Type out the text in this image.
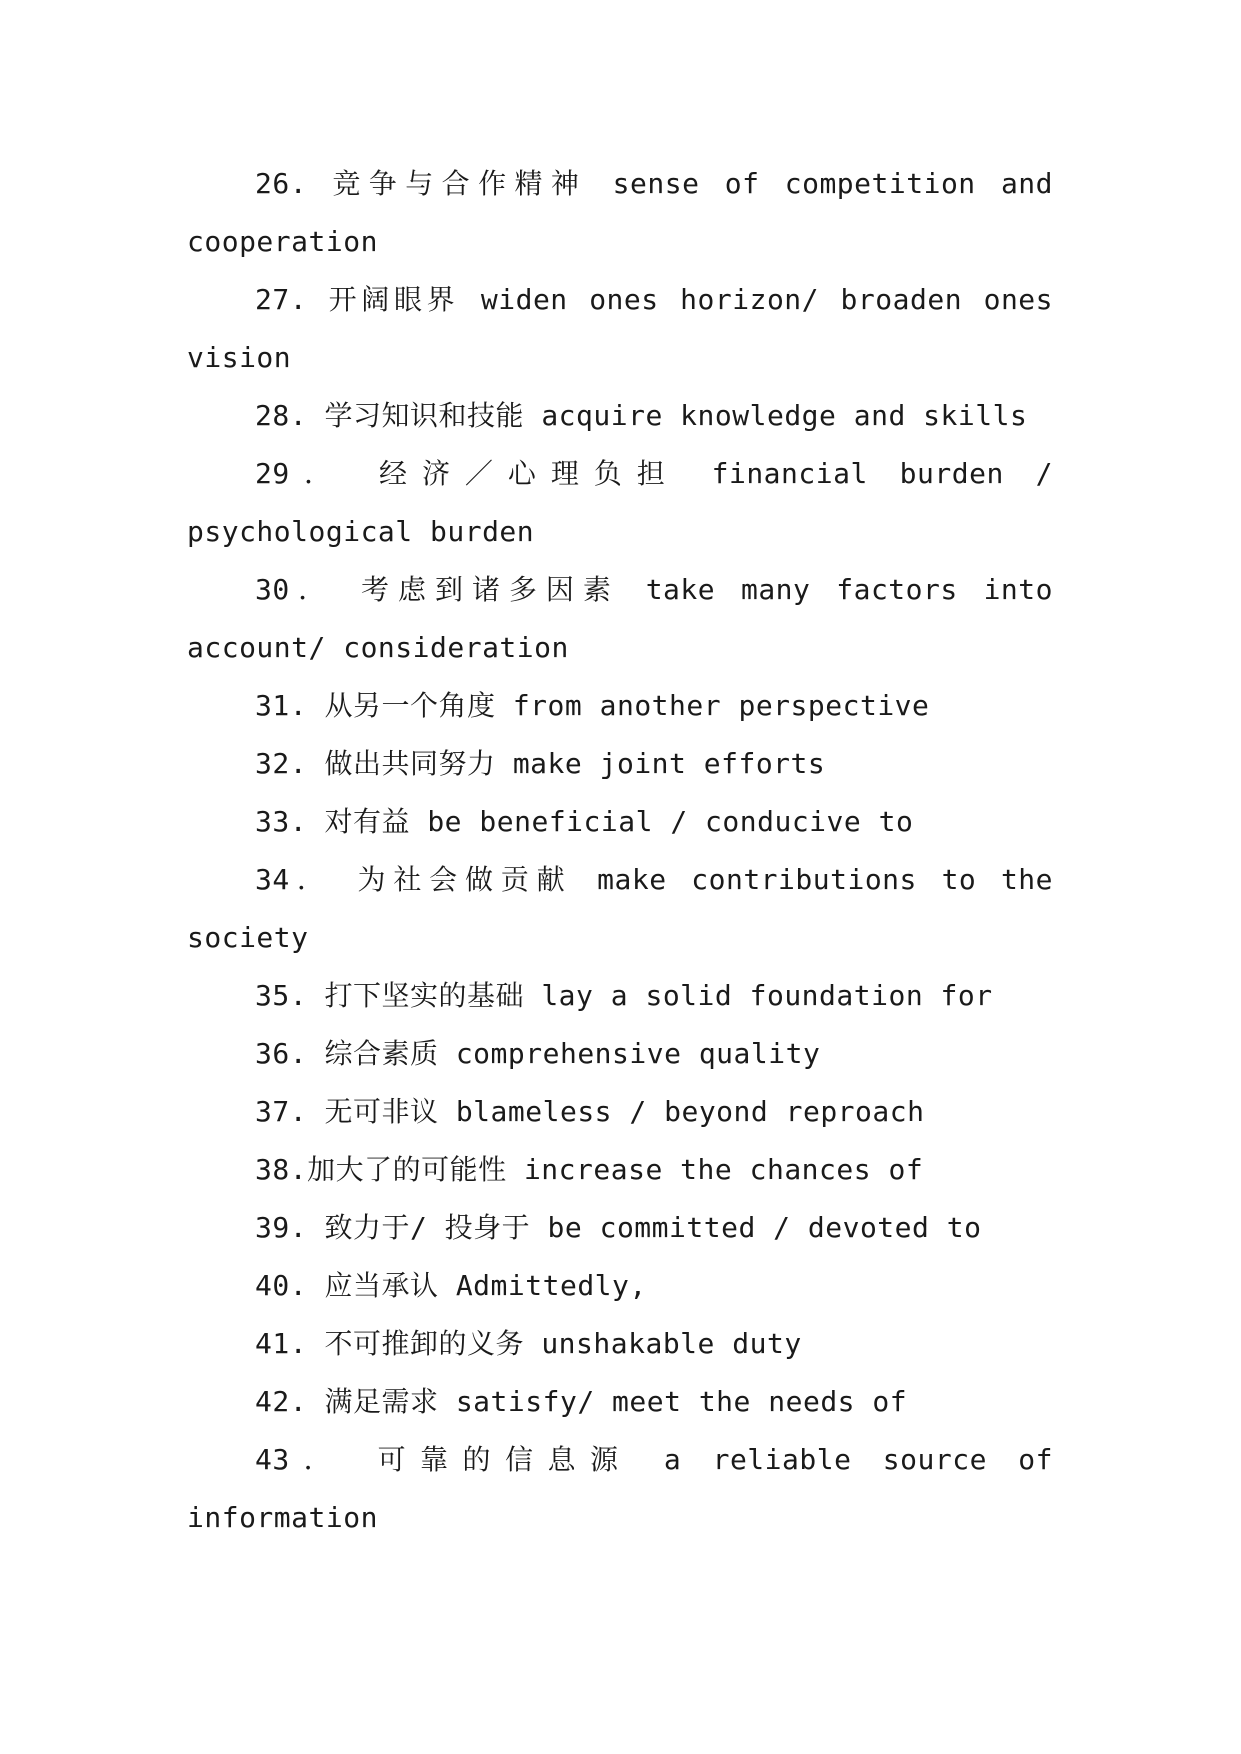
26. 竞争与合作精神 sense of competition and cooperation

27. 开阔眼界 widen ones horizon/ broaden ones vision

28. 学习知识和技能 acquire knowledge and skills

29． 经济／心理负担 financial burden / psychological burden

30． 考虑到诸多因素 take many factors into account/ consideration

31. 从另一个角度 from another perspective

32. 做出共同努力 make joint efforts

33. 对有益 be beneficial / conducive to

34． 为社会做贡献 make contributions to the society

35. 打下坚实的基础 lay a solid foundation for

36. 综合素质 comprehensive quality

37. 无可非议 blameless / beyond reproach

38.加大了的可能性 increase the chances of

39. 致力于/ 投身于 be committed / devoted to

40. 应当承认 Admittedly,

41. 不可推卸的义务 unshakable duty

42. 满足需求 satisfy/ meet the needs of

43． 可靠的信息源 a reliable source of information
